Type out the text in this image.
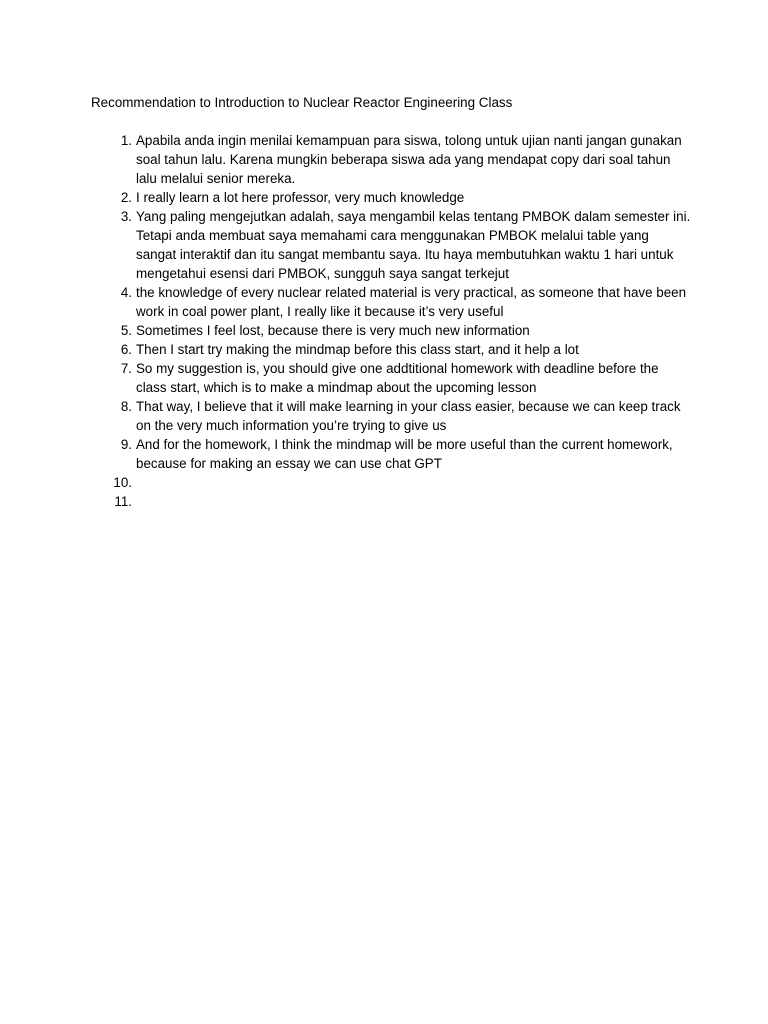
Recommendation to Introduction to Nuclear Reactor Engineering Class
1. Apabila anda ingin menilai kemampuan para siswa, tolong untuk ujian nanti jangan gunakan soal tahun lalu. Karena mungkin beberapa siswa ada yang mendapat copy dari soal tahun lalu melalui senior mereka.
2. I really learn a lot here professor, very much knowledge
3. Yang paling mengejutkan adalah, saya mengambil kelas tentang PMBOK dalam semester ini. Tetapi anda membuat saya memahami cara menggunakan PMBOK melalui table yang sangat interaktif dan itu sangat membantu saya. Itu haya membutuhkan waktu 1 hari untuk mengetahui esensi dari PMBOK, sungguh saya sangat terkejut
4. the knowledge of every nuclear related material is very practical, as someone that have been work in coal power plant, I really like it because it’s very useful
5. Sometimes I feel lost, because there is very much new information
6. Then I start try making the mindmap before this class start, and it help a lot
7. So my suggestion is, you should give one addtitional homework with deadline before the class start, which is to make a mindmap about the upcoming lesson
8. That way, I believe that it will make learning in your class easier, because we can keep track on the very much information you’re trying to give us
9. And for the homework, I think the mindmap will be more useful than the current homework, because for making an essay we can use chat GPT
10.
11.
